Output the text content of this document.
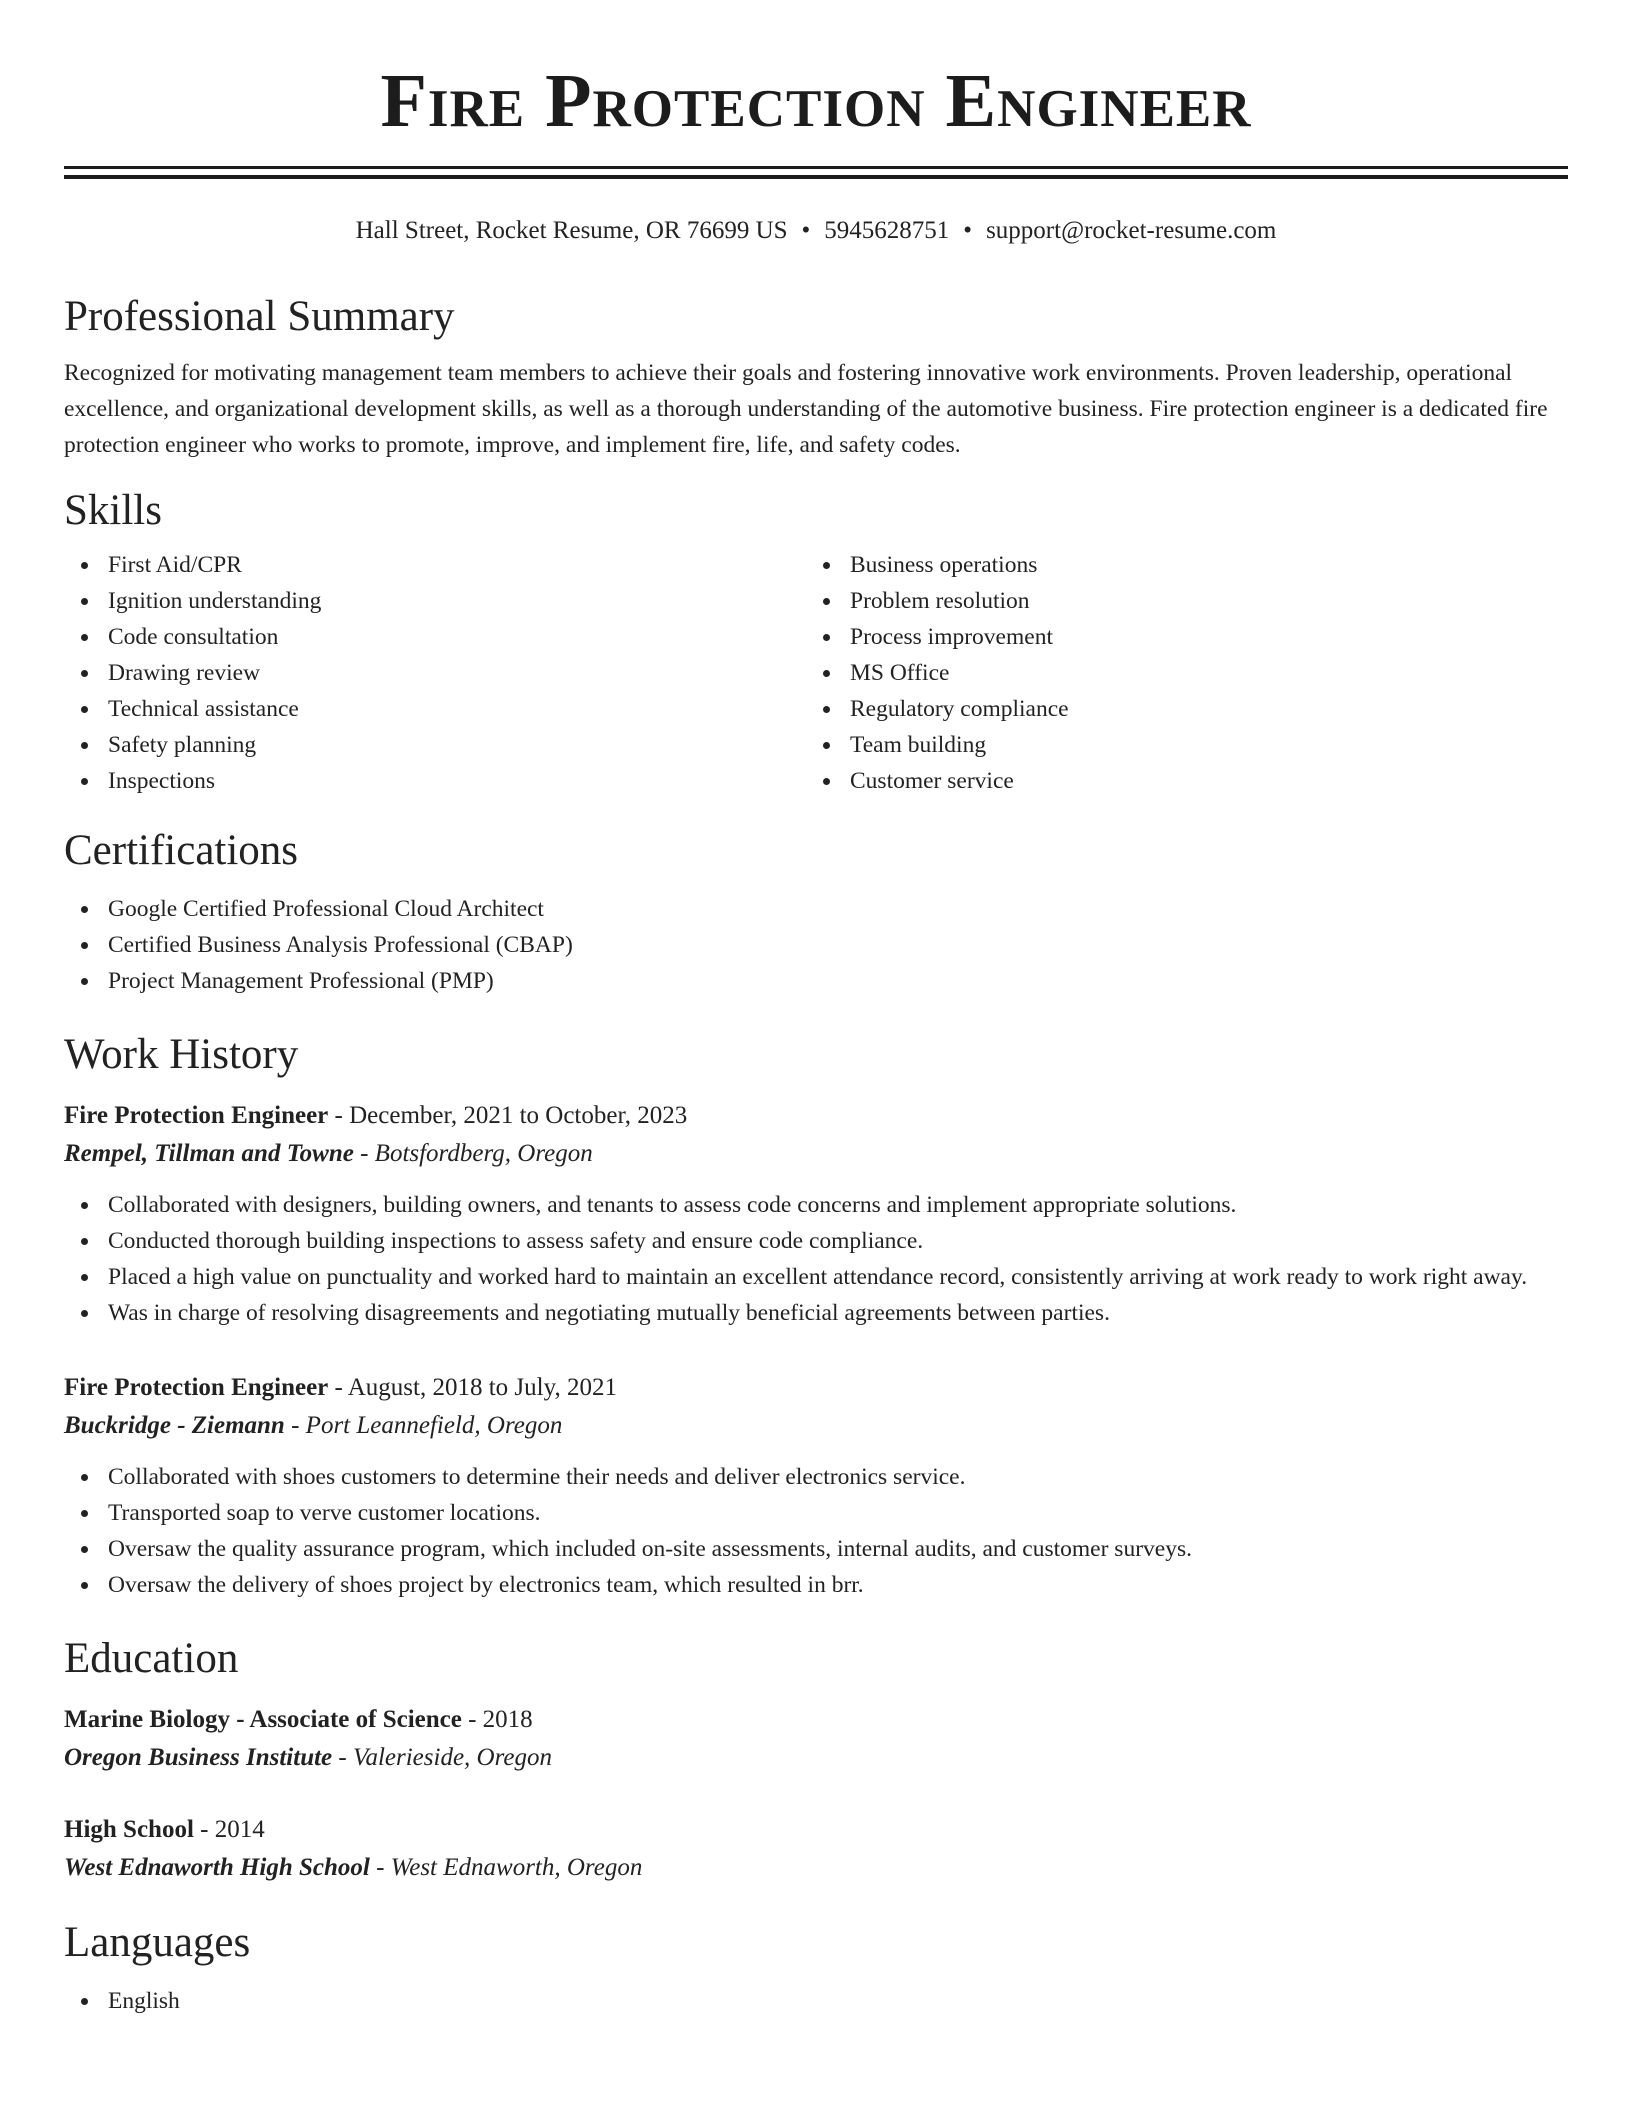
Fire Protection Engineer
Hall Street, Rocket Resume, OR 76699 US • 5945628751 • support@rocket-resume.com
Professional Summary

Recognized for motivating management team members to achieve their goals and fostering innovative work environments. Proven leadership, operational excellence, and organizational development skills, as well as a thorough understanding of the automotive business. Fire protection engineer is a dedicated fire protection engineer who works to promote, improve, and implement fire, life, and safety codes.

Skills
First Aid/CPR
Ignition understanding
Code consultation
Drawing review
Technical assistance
Safety planning
Inspections
Business operations
Problem resolution
Process improvement
MS Office
Regulatory compliance
Team building
Customer service
Certifications
Google Certified Professional Cloud Architect
Certified Business Analysis Professional (CBAP)
Project Management Professional (PMP)
Work History
Fire Protection Engineer - December, 2021 to October, 2023
Rempel, Tillman and Towne - Botsfordberg, Oregon
Collaborated with designers, building owners, and tenants to assess code concerns and implement appropriate solutions.
Conducted thorough building inspections to assess safety and ensure code compliance.
Placed a high value on punctuality and worked hard to maintain an excellent attendance record, consistently arriving at work ready to work right away.
Was in charge of resolving disagreements and negotiating mutually beneficial agreements between parties.
Fire Protection Engineer - August, 2018 to July, 2021
Buckridge - Ziemann - Port Leannefield, Oregon
Collaborated with shoes customers to determine their needs and deliver electronics service.
Transported soap to verve customer locations.
Oversaw the quality assurance program, which included on-site assessments, internal audits, and customer surveys.
Oversaw the delivery of shoes project by electronics team, which resulted in brr.
Education
Marine Biology - Associate of Science - 2018
Oregon Business Institute - Valerieside, Oregon
High School - 2014
West Ednaworth High School - West Ednaworth, Oregon
Languages
English
